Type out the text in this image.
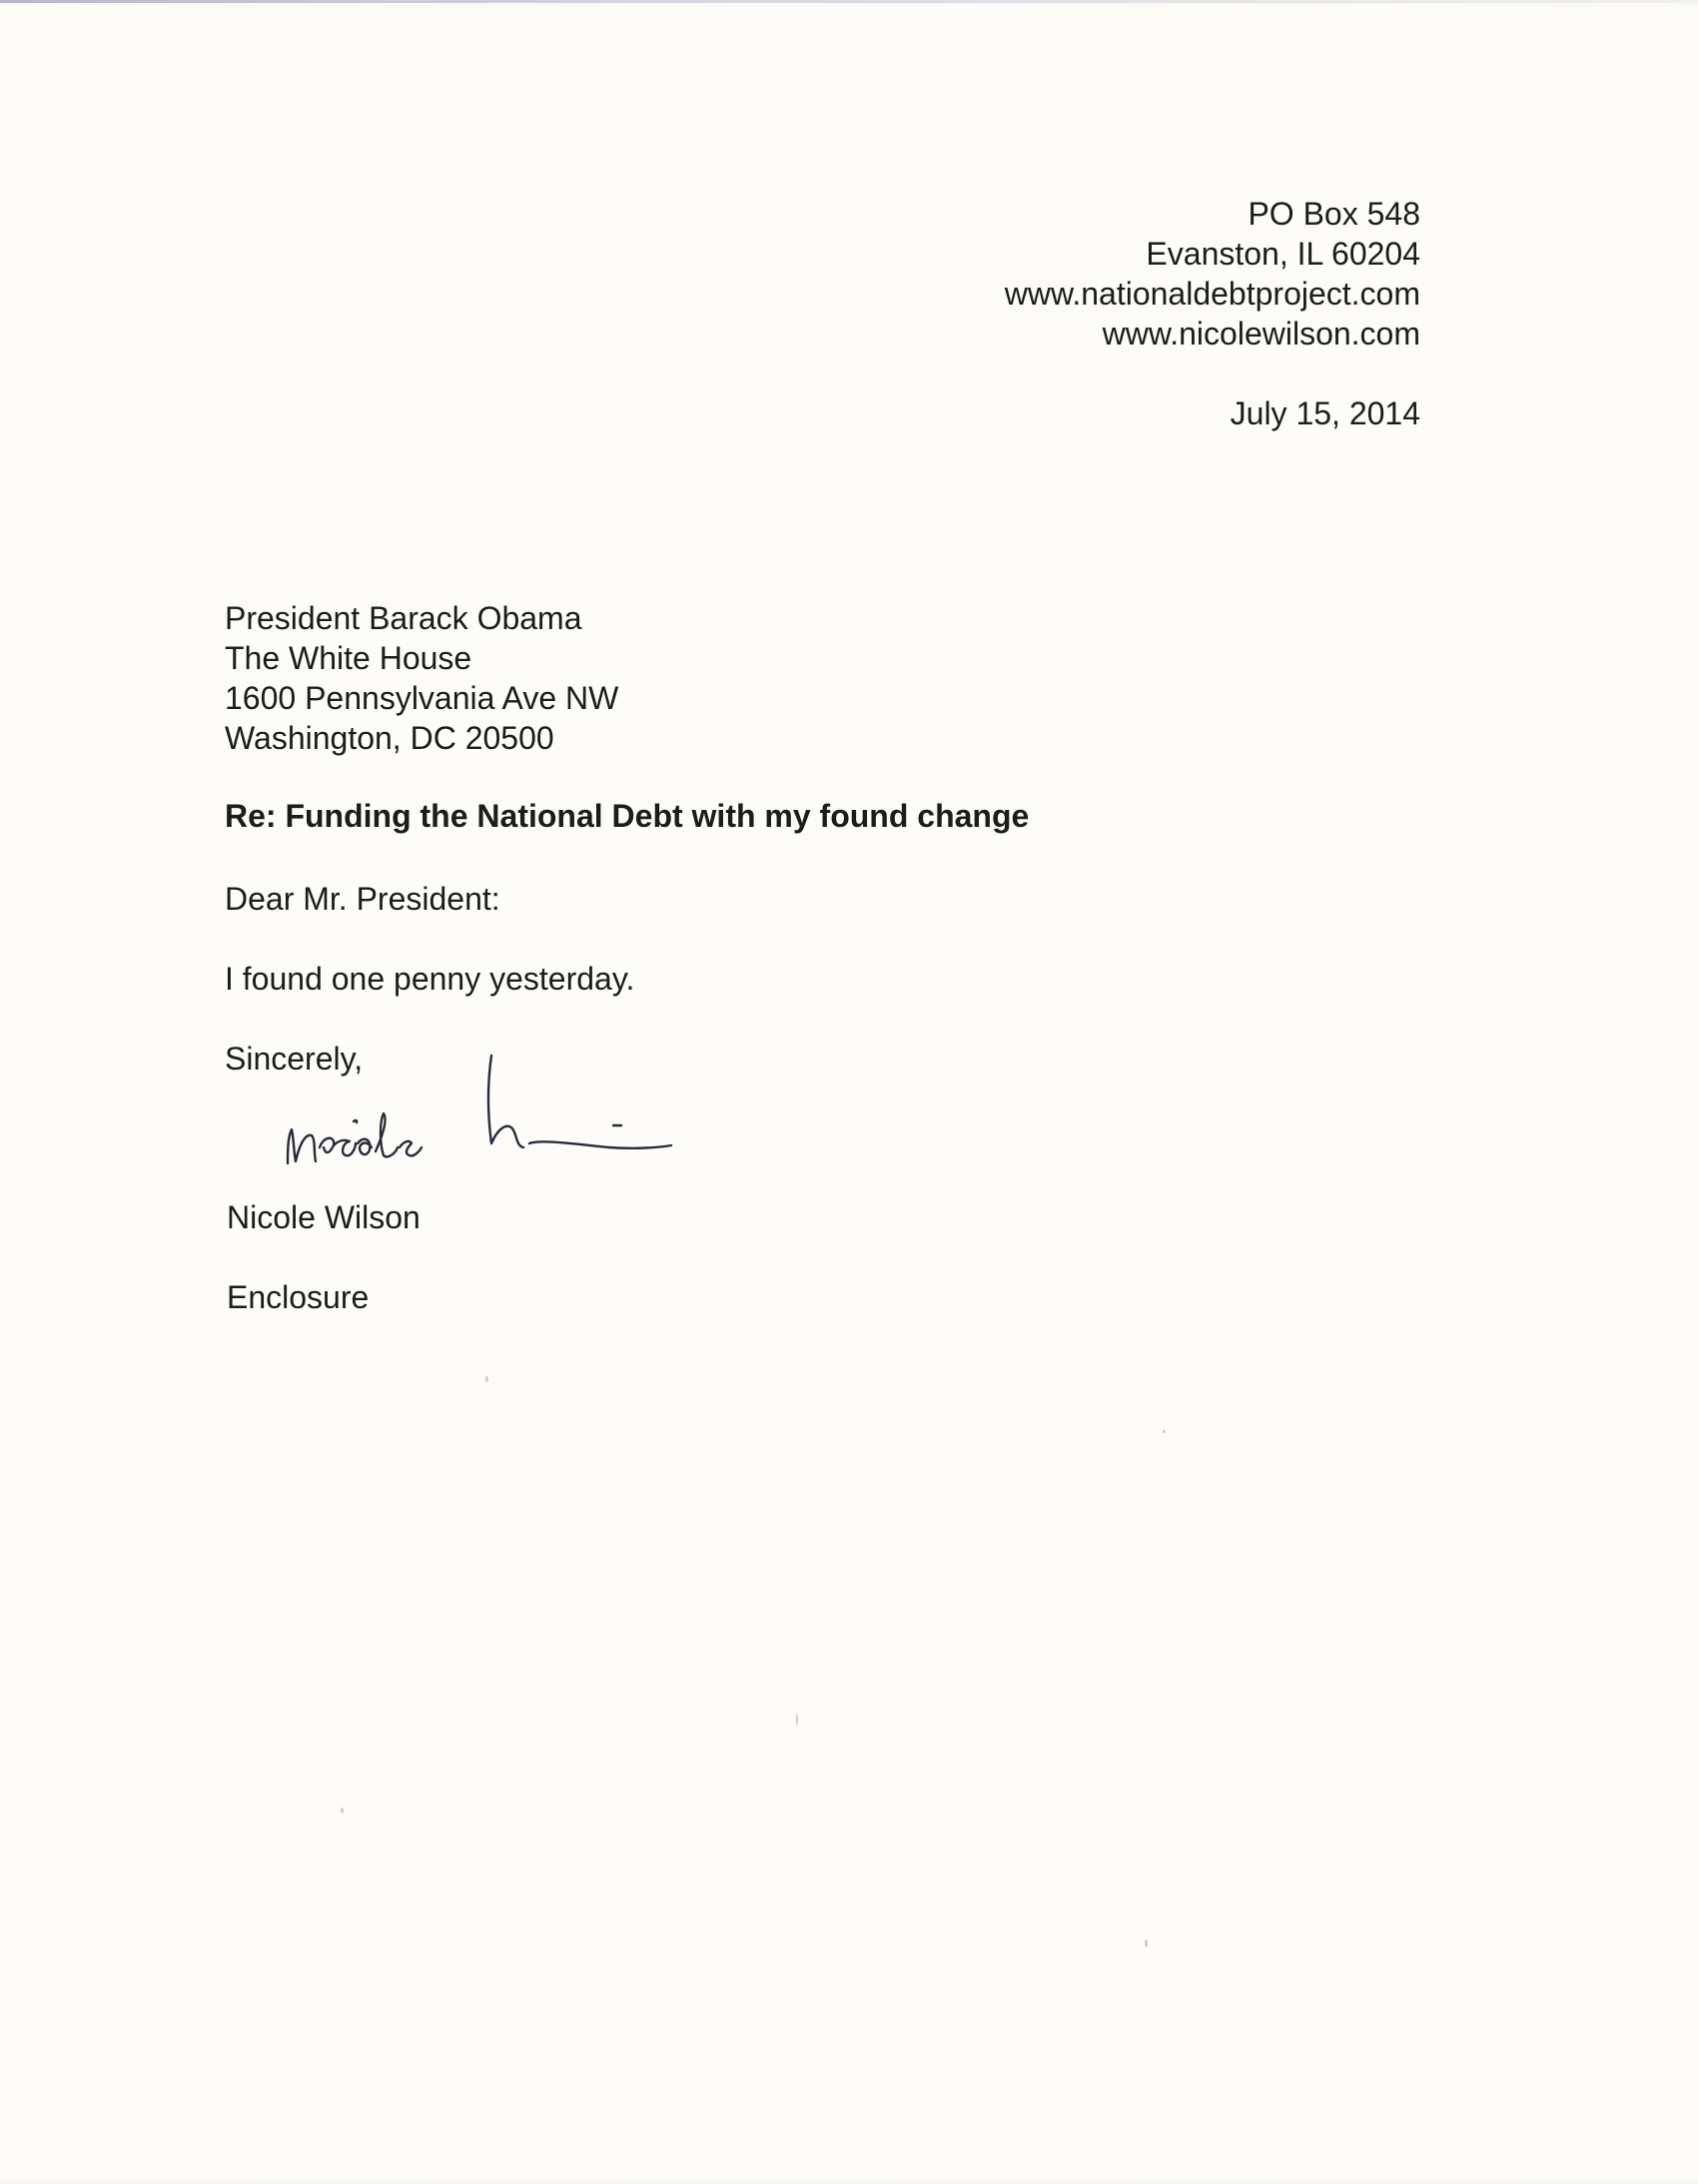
PO Box 548
Evanston, IL 60204
www.nationaldebtproject.com
www.nicolewilson.com
July 15, 2014
President Barack Obama
The White House
1600 Pennsylvania Ave NW
Washington, DC 20500
Re: Funding the National Debt with my found change
Dear Mr. President:
I found one penny yesterday.
Sincerely,
Nicole Wilson
Enclosure
